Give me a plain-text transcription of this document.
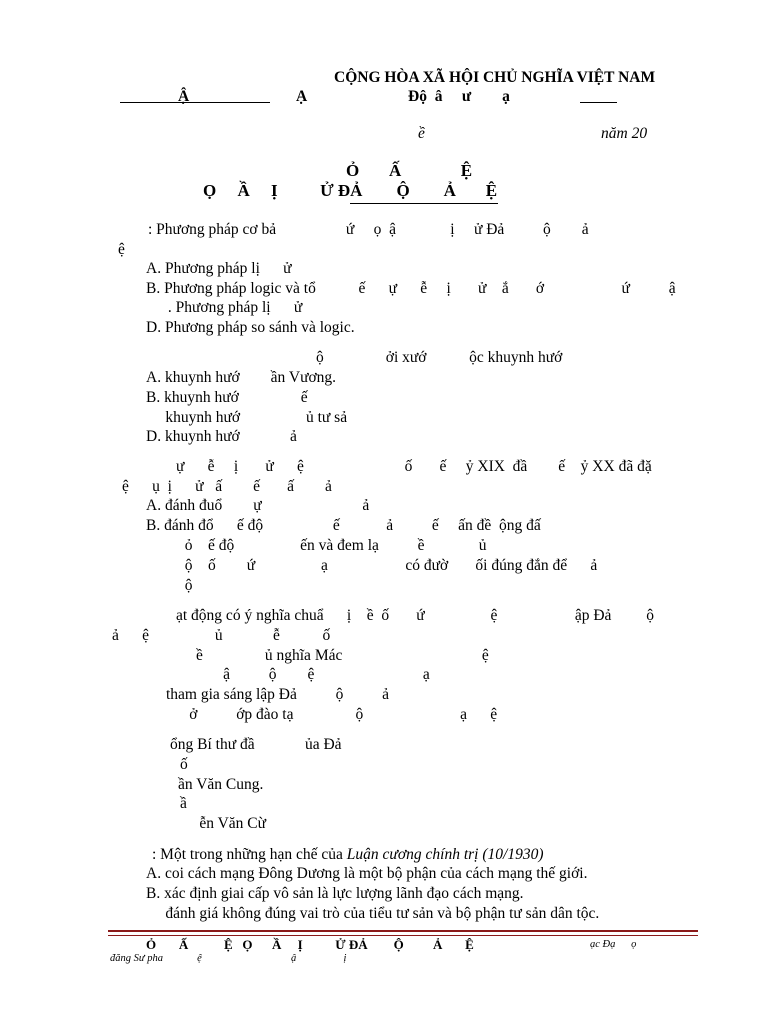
CỘNG HÒA XÃ HỘI CHỦ NGHĨA VIỆT NAM
Ậ	Ạ	Độ  â     ư        ạ
ề	năm 20
Ỏ       Ấ              Ệ
Ọ     Ầ     Ị          Ử ĐẢ        Ộ        Ả       Ệ
: Phương pháp cơ bả                  ứ     ọ  ậ              ị     ử Đả          ộ        ả
ệ
A. Phương pháp lị      ử
B. Phương pháp logic và tổ           ế      ự      ễ     ị       ử    ắ       ớ                    ứ          ậ
. Phương pháp lị      ử
D. Phương pháp so sánh và logic.
ộ                ởi xướ           ộc khuynh hướ
A. khuynh hướ        ần Vương.
B. khuynh hướ                ế
khuynh hướ                 ủ tư sả
D. khuynh hướ             ả
ự      ễ     ị       ử      ệ                          ố       ế     ỷ XIX  đầ        ế    ỷ XX đã đặ
ệ      ụ  ị      ử   ấ        ế       ấ        ả
A. đánh đuổ        ự                          ả
B. đánh đổ      ế độ                  ế            ả          ế     ấn đề  ộng đấ
ỏ    ế độ                 ến và đem lạ          ề              ủ
ộ    ố        ứ                 ạ                    có đườ       ối đúng đắn để      ả
ộ
ạt động có ý nghĩa chuẩ      ị    ề  ố       ứ                 ệ                    ập Đả         ộ
ả      ệ                 ủ             ễ           ố
ề                ủ nghĩa Mác                                    ệ
ậ          ộ        ệ                            ạ
tham gia sáng lập Đả          ộ          ả
ở          ớp đào tạ                ộ                         ạ      ệ
ổng Bí thư đầ             ủa Đả
ố
ần Văn Cung.
ầ
ễn Văn Cừ
: Một trong những hạn chế của Luận cương chính trị (10/1930)
A. coi cách mạng Đông Dương là một bộ phận của cách mạng thế giới.
B. xác định giai cấp vô sản là lực lượng lãnh đạo cách mạng.
đánh giá không đúng vai trò của tiểu tư sản và bộ phận tư sản dân tộc.
Ỏ       Ấ           Ệ   Ọ      Ầ     Ị          Ử ĐẢ        Ộ         Ả       Ệ	ạc Đạ      ọ
đăng Sư pha             ệ                                  ậ                  ị
